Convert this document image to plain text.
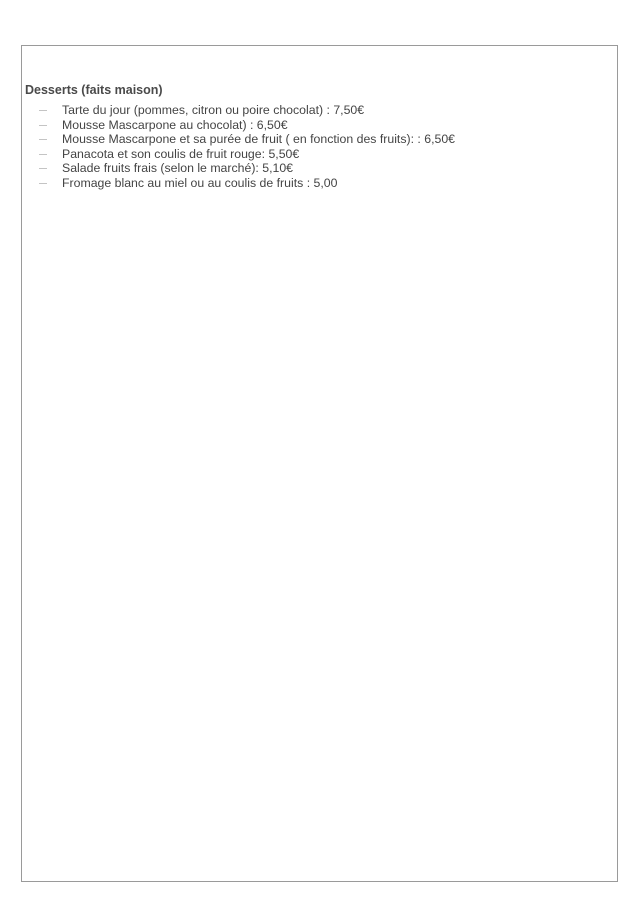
Desserts (faits maison)
Tarte du jour (pommes, citron ou poire chocolat) : 7,50€
Mousse Mascarpone au chocolat) : 6,50€
Mousse Mascarpone et sa purée de fruit ( en fonction des fruits): : 6,50€
Panacota et son coulis de fruit rouge: 5,50€
Salade fruits frais (selon le marché): 5,10€
Fromage blanc au miel ou au coulis de fruits : 5,00
